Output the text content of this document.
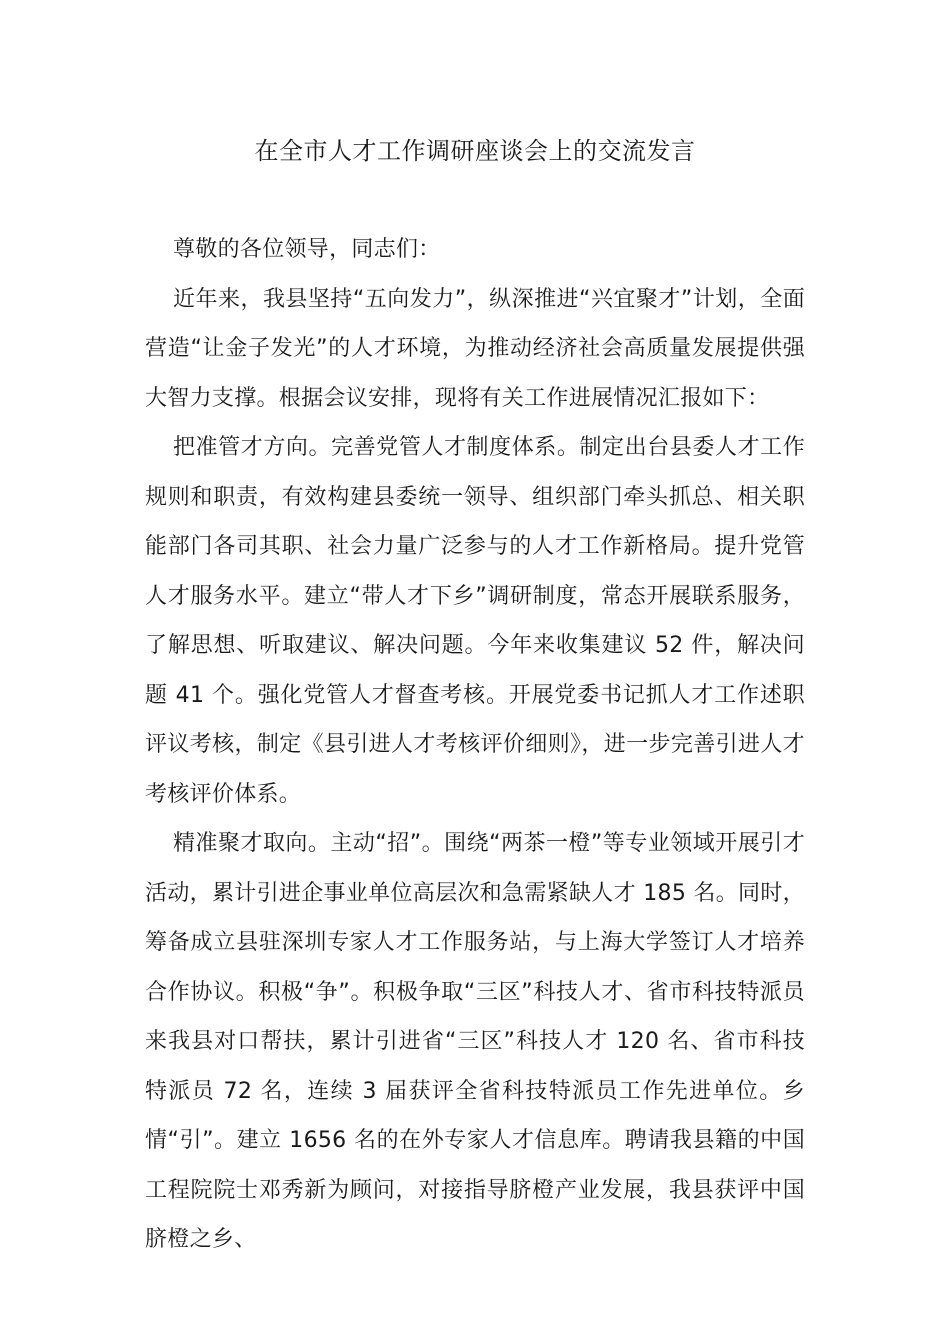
在全市人才工作调研座谈会上的交流发言

尊敬的各位领导，同志们：

近年来，我县坚持“五向发力”，纵深推进“兴宜聚才”计划，全面营造“让金子发光”的人才环境，为推动经济社会高质量发展提供强大智力支撑。根据会议安排，现将有关工作进展情况汇报如下：

把准管才方向。完善党管人才制度体系。制定出台县委人才工作规则和职责，有效构建县委统一领导、组织部门牵头抓总、相关职能部门各司其职、社会力量广泛参与的人才工作新格局。提升党管人才服务水平。建立“带人才下乡”调研制度，常态开展联系服务，了解思想、听取建议、解决问题。今年来收集建议 52 件，解决问题 41 个。强化党管人才督查考核。开展党委书记抓人才工作述职评议考核，制定《县引进人才考核评价细则》，进一步完善引进人才考核评价体系。

精准聚才取向。主动“招”。围绕“两茶一橙”等专业领域开展引才活动，累计引进企事业单位高层次和急需紧缺人才 185 名。同时，筹备成立县驻深圳专家人才工作服务站，与上海大学签订人才培养合作协议。积极“争”。积极争取“三区”科技人才、省市科技特派员来我县对口帮扶，累计引进省“三区”科技人才 120 名、省市科技特派员 72 名，连续 3 届获评全省科技特派员工作先进单位。乡情“引”。建立 1656 名的在外专家人才信息库。聘请我县籍的中国工程院院士邓秀新为顾问，对接指导脐橙产业发展，我县获评中国脐橙之乡、
